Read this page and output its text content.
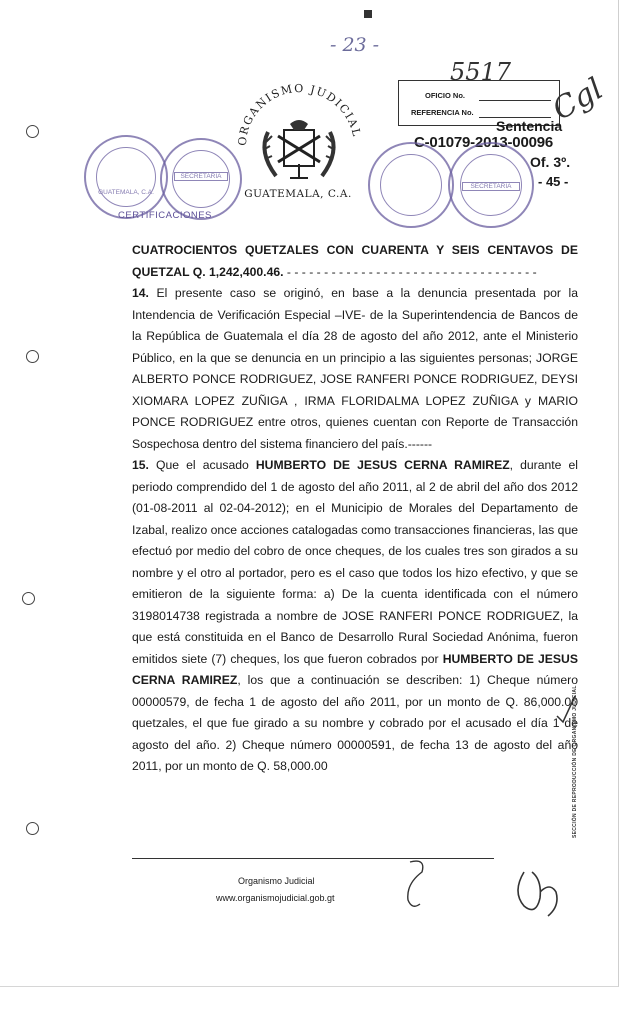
- 23 -
5517 Cgl
ORGANISMO JUDICIAL
GUATEMALA, C.A.
GUATEMALA, C.A.
SECRETARIA
CERTIFICACIONES
OFICIO No.
REFERENCIA No.
Sentencia
C-01079-2013-00096
Of. 3º.
- 45 -
SECRETARIA

CUATROCIENTOS QUETZALES CON CUARENTA Y SEIS CENTAVOS DE QUETZAL Q. 1,242,400.46. - - - - - - - - - - - - - - - - - - - - - - - - - - - - - - - - - -

14. El presente caso se originó, en base a la denuncia presentada por la Intendencia de Verificación Especial –IVE- de la Superintendencia de Bancos de la República de Guatemala el día 28 de agosto del año 2012, ante el Ministerio Público, en la que se denuncia en un principio a las siguientes personas; JORGE ALBERTO PONCE RODRIGUEZ, JOSE RANFERI PONCE RODRIGUEZ, DEYSI XIOMARA LOPEZ ZUÑIGA , IRMA FLORIDALMA LOPEZ ZUÑIGA y MARIO PONCE RODRIGUEZ entre otros, quienes cuentan con Reporte de Transacción Sospechosa dentro del sistema financiero del país.------

15. Que el acusado HUMBERTO DE JESUS CERNA RAMIREZ, durante el periodo comprendido del 1 de agosto del año 2011, al 2 de abril del año dos 2012 (01-08-2011 al 02-04-2012); en el Municipio de Morales del Departamento de Izabal, realizo once acciones catalogadas como transacciones financieras, las que efectuó por medio del cobro de once cheques, de los cuales tres son girados a su nombre y el otro al portador, pero es el caso que todos los hizo efectivo, y que se emitieron de la siguiente forma: a) De la cuenta identificada con el número 3198014738 registrada a nombre de JOSE RANFERI PONCE RODRIGUEZ, la que está constituida en el Banco de Desarrollo Rural Sociedad Anónima, fueron emitidos siete (7) cheques, los que fueron cobrados por HUMBERTO DE JESUS CERNA RAMIREZ, los que a continuación se describen: 1) Cheque número 00000579, de fecha 1 de agosto del año 2011, por un monto de Q. 86,000.00 quetzales, el que fue girado a su nombre y cobrado por el acusado el día 1 de agosto del año. 2) Cheque número 00000591, de fecha 13 de agosto del año 2011, por un monto de Q. 58,000.00	SECCIÓN DE REPRODUCCIÓN DE ORGANISMO JUDICIAL
Organismo Judicial
www.organismojudicial.gob.gt
